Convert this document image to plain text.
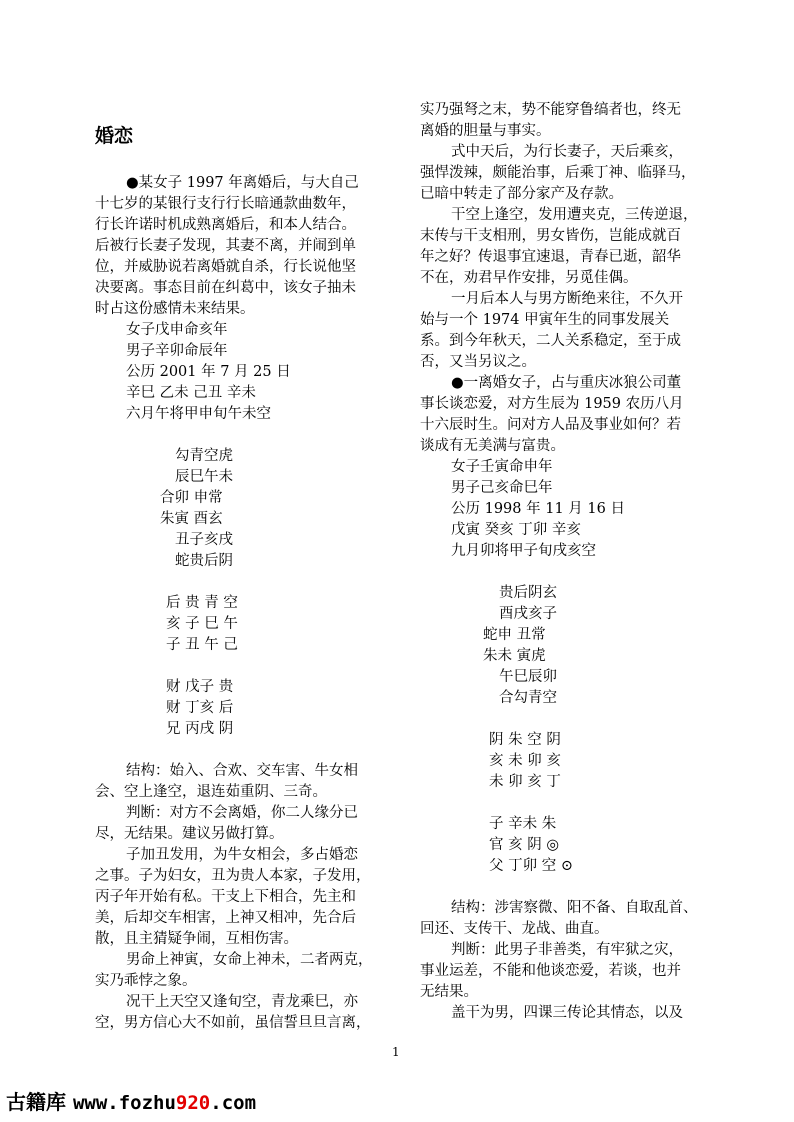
婚恋
●某女子 1997 年离婚后，与大自己
十七岁的某银行支行行长暗通款曲数年，
行长许诺时机成熟离婚后，和本人结合。
后被行长妻子发现，其妻不离，并闹到单
位，并威胁说若离婚就自杀，行长说他坚
决要离。事态目前在纠葛中，该女子抽未
时占这份感情未来结果。
女子戊申命亥年
男子辛卯命辰年
公历 2001 年 7 月 25 日
辛巳 乙未 己丑 辛未
六月午将甲申旬午未空
勾青空虎
辰巳午未
合卯 申常
朱寅 酉玄
丑子亥戌
蛇贵后阴
后 贵 青 空
亥 子 巳 午
子 丑 午 己
财 戊子 贵
财 丁亥 后
兄 丙戌 阴
结构：始入、合欢、交车害、牛女相
会、空上逢空，退连茹重阴、三奇。
判断：对方不会离婚，你二人缘分已
尽，无结果。建议另做打算。
子加丑发用，为牛女相会，多占婚恋
之事。子为妇女，丑为贵人本家，子发用，
丙子年开始有私。干支上下相合，先主和
美，后却交车相害，上神又相冲，先合后
散，且主猜疑争闹，互相伤害。
男命上神寅，女命上神未，二者两克，
实乃乖悖之象。
况干上天空又逢旬空，青龙乘巳，亦
空，男方信心大不如前，虽信誓旦旦言离，
实乃强弩之末，势不能穿鲁缟者也，终无
离婚的胆量与事实。
式中天后，为行长妻子，天后乘亥，
强悍泼辣，颇能治事，后乘丁神、临驿马，
已暗中转走了部分家产及存款。
干空上逢空，发用遭夹克，三传逆退，
末传与干支相刑，男女皆伤，岂能成就百
年之好？传退事宜速退，青春已逝，韶华
不在，劝君早作安排，另觅佳偶。
一月后本人与男方断绝来往，不久开
始与一个 1974 甲寅年生的同事发展关
系。到今年秋天，二人关系稳定，至于成
否，又当另议之。
●一离婚女子，占与重庆冰狼公司董
事长谈恋爱，对方生辰为 1959 农历八月
十六辰时生。问对方人品及事业如何？若
谈成有无美满与富贵。
女子壬寅命申年
男子己亥命巳年
公历 1998 年 11 月 16 日
戊寅 癸亥 丁卯 辛亥
九月卯将甲子旬戌亥空
贵后阴玄
酉戌亥子
蛇申 丑常
朱未 寅虎
午巳辰卯
合勾青空
阴 朱 空 阴
亥 未 卯 亥
未 卯 亥 丁
子 辛未 朱
官 亥 阴 ◎
父 丁卯 空 ⊙
结构：涉害察微、阳不备、自取乱首、
回还、支传干、龙战、曲直。
判断：此男子非善类，有牢狱之灾，
事业运差，不能和他谈恋爱，若谈，也并
无结果。
盖干为男，四课三传论其情态，以及
1
古籍库 www.fozhu920.com
